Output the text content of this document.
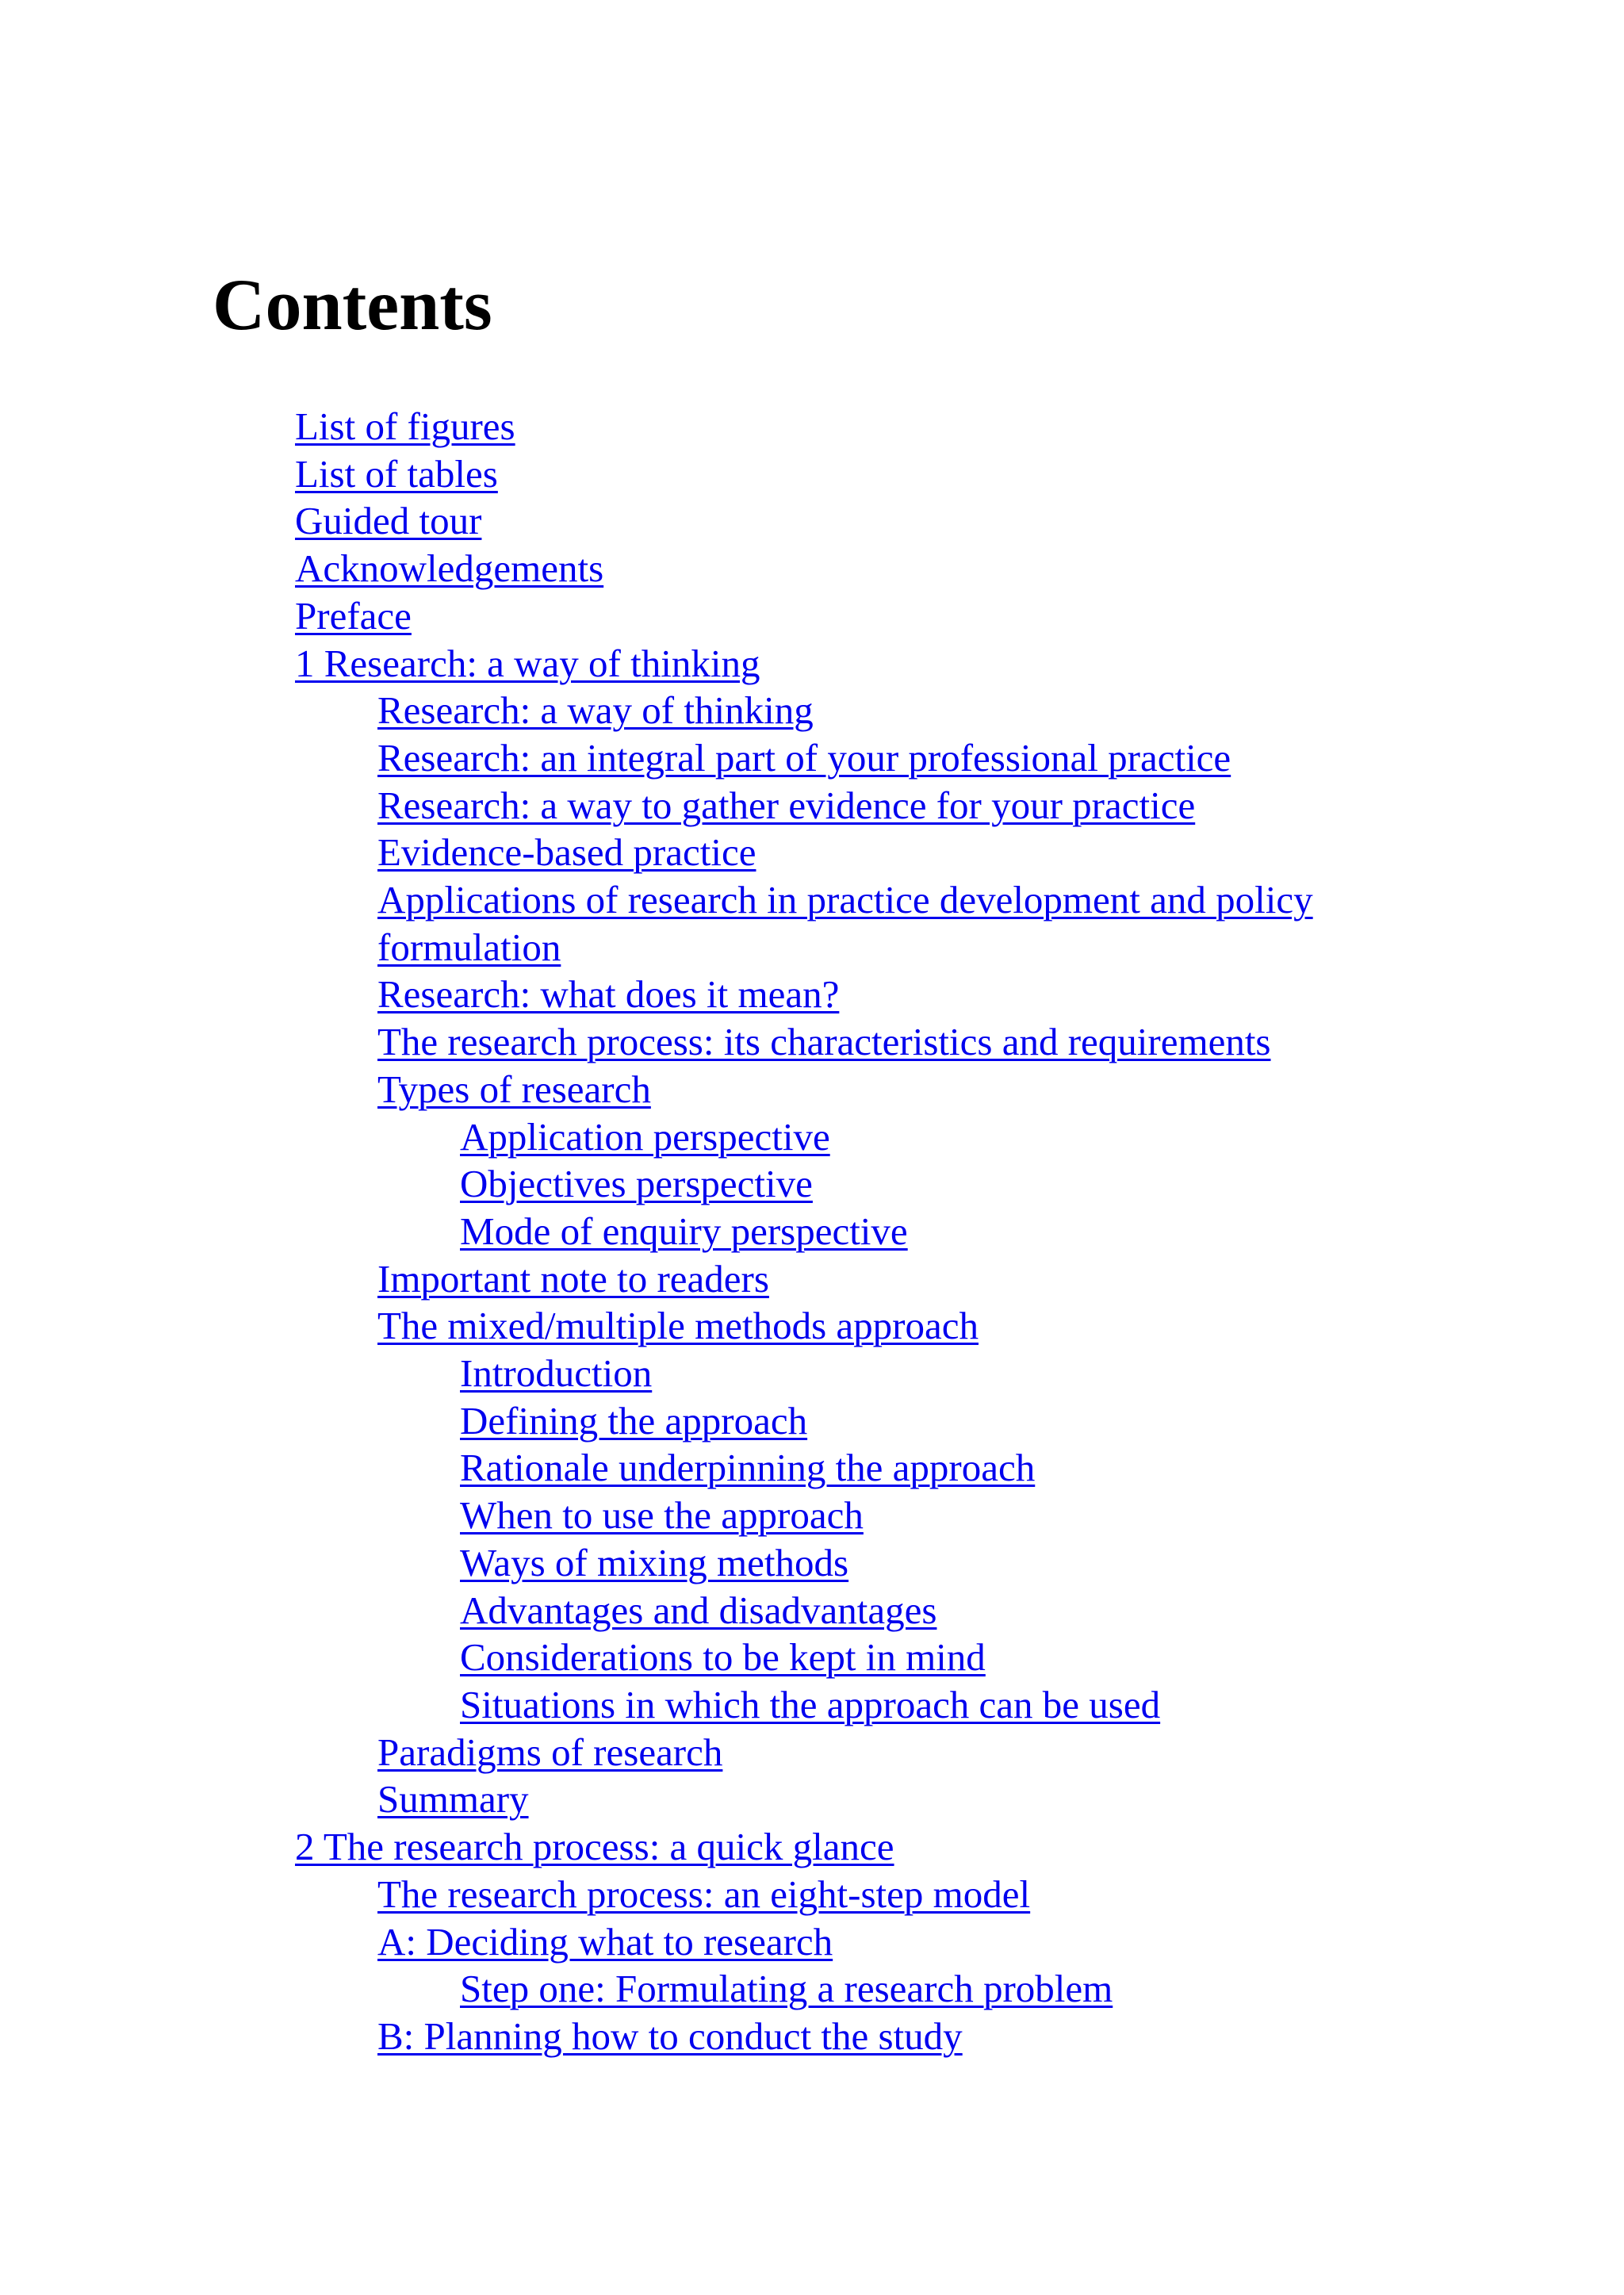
Contents
List of figures
List of tables
Guided tour
Acknowledgements
Preface
1 Research: a way of thinking
Research: a way of thinking
Research: an integral part of your professional practice
Research: a way to gather evidence for your practice
Evidence-based practice
Applications of research in practice development and policy formulation
Research: what does it mean?
The research process: its characteristics and requirements
Types of research
Application perspective
Objectives perspective
Mode of enquiry perspective
Important note to readers
The mixed/multiple methods approach
Introduction
Defining the approach
Rationale underpinning the approach
When to use the approach
Ways of mixing methods
Advantages and disadvantages
Considerations to be kept in mind
Situations in which the approach can be used
Paradigms of research
Summary
2 The research process: a quick glance
The research process: an eight-step model
A: Deciding what to research
Step one: Formulating a research problem
B: Planning how to conduct the study
